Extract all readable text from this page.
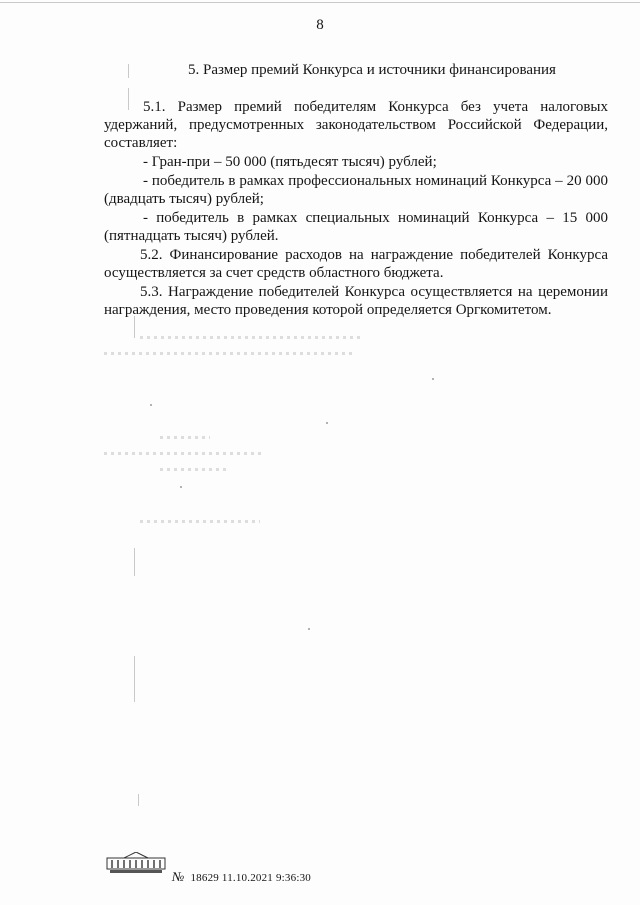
8
5. Размер премий Конкурса и источники финансирования

5.1. Размер премий победителям Конкурса без учета налоговых удержаний, предусмотренных законодательством Российской Федерации, составляет:

- Гран-при – 50 000 (пятьдесят тысяч) рублей;

- победитель в рамках профессиональных номинаций Конкурса – 20 000 (двадцать тысяч) рублей;

- победитель в рамках специальных номинаций Конкурса – 15 000 (пятнадцать тысяч) рублей.

5.2. Финансирование расходов на награждение победителей Конкурса осуществляется за счет средств областного бюджета.

5.3. Награждение победителей Конкурса осуществляется на церемонии награждения, место проведения которой определяется Оргкомитетом.

№ 18629 11.10.2021 9:36:30
